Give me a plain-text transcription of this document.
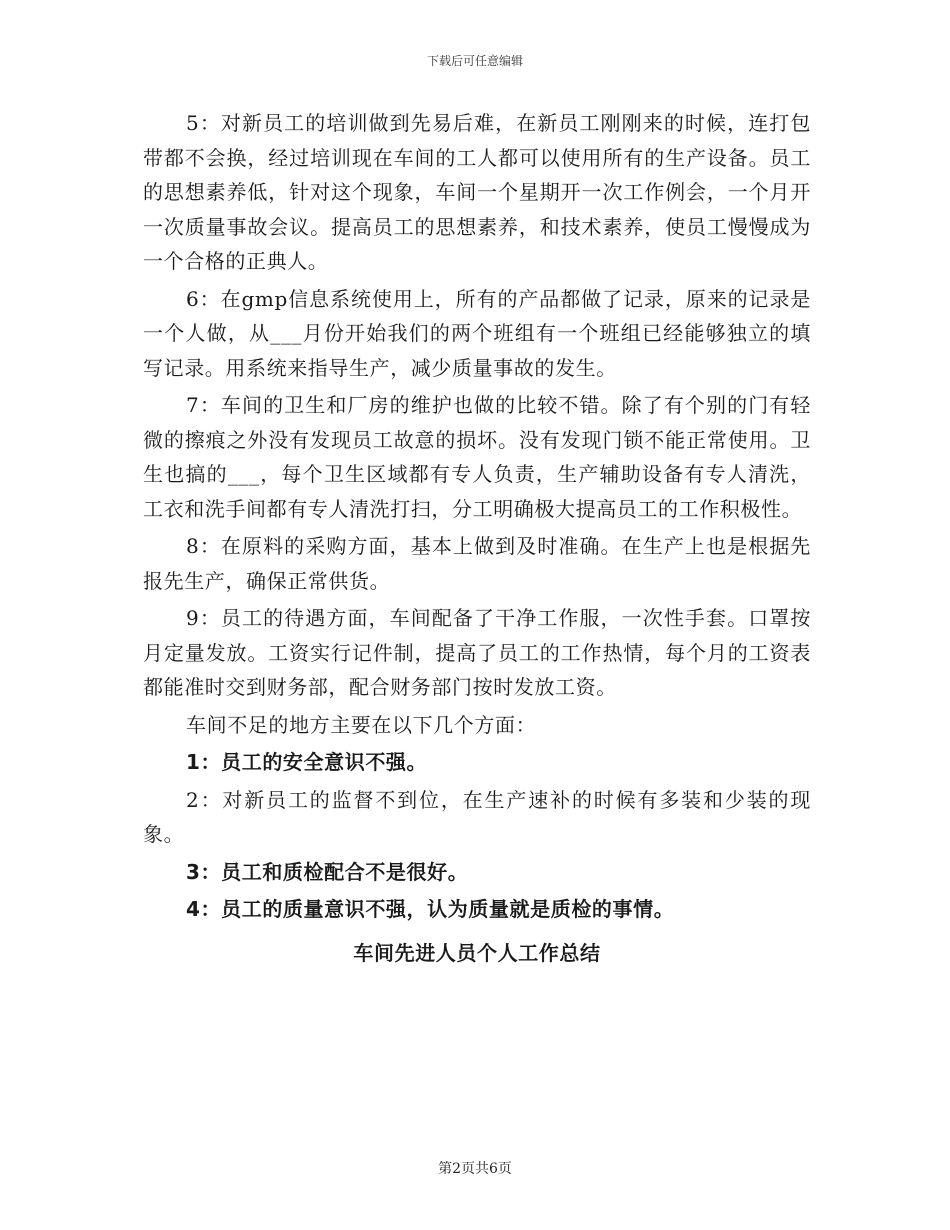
下载后可任意编辑

5：对新员工的培训做到先易后难，在新员工刚刚来的时候，连打包带都不会换，经过培训现在车间的工人都可以使用所有的生产设备。员工的思想素养低，针对这个现象，车间一个星期开一次工作例会，一个月开一次质量事故会议。提高员工的思想素养，和技术素养，使员工慢慢成为一个合格的正典人。

6：在gmp信息系统使用上，所有的产品都做了记录，原来的记录是一个人做，从___月份开始我们的两个班组有一个班组已经能够独立的填写记录。用系统来指导生产，减少质量事故的发生。

7：车间的卫生和厂房的维护也做的比较不错。除了有个别的门有轻微的擦痕之外没有发现员工故意的损坏。没有发现门锁不能正常使用。卫生也搞的___，每个卫生区域都有专人负责，生产辅助设备有专人清洗，工衣和洗手间都有专人清洗打扫，分工明确极大提高员工的工作积极性。

8：在原料的采购方面，基本上做到及时准确。在生产上也是根据先报先生产，确保正常供货。

9：员工的待遇方面，车间配备了干净工作服，一次性手套。口罩按月定量发放。工资实行记件制，提高了员工的工作热情，每个月的工资表都能准时交到财务部，配合财务部门按时发放工资。

车间不足的地方主要在以下几个方面：

1：员工的安全意识不强。

2：对新员工的监督不到位，在生产速补的时候有多装和少装的现象。

3：员工和质检配合不是很好。

4：员工的质量意识不强，认为质量就是质检的事情。

车间先进人员个人工作总结
第2页共6页
